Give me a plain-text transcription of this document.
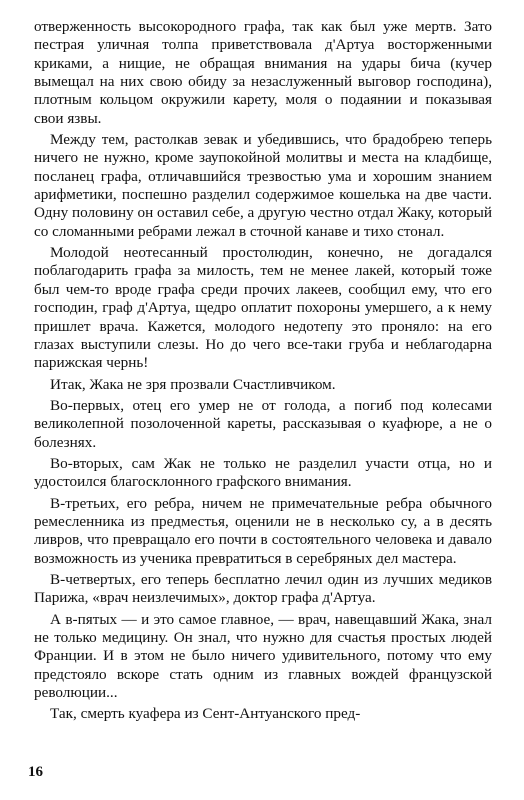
отверженность высокородного графа, так как был уже мертв. Зато пестрая уличная толпа приветствовала д'Артуа восторженными криками, а нищие, не обращая внимания на удары бича (кучер вымещал на них свою обиду за незаслуженный выговор господина), плотным кольцом окружили карету, моля о подаянии и показывая свои язвы.

Между тем, растолкав зевак и убедившись, что брадобрею теперь ничего не нужно, кроме заупокойной молитвы и места на кладбище, посланец графа, отличавшийся трезвостью ума и хорошим знанием арифметики, поспешно разделил содержимое кошелька на две части. Одну половину он оставил себе, а другую честно отдал Жаку, который со сломанными ребрами лежал в сточной канаве и тихо стонал.

Молодой неотесанный простолюдин, конечно, не догадался поблагодарить графа за милость, тем не менее лакей, который тоже был чем-то вроде графа среди прочих лакеев, сообщил ему, что его господин, граф д'Артуа, щедро оплатит похороны умершего, а к нему пришлет врача. Кажется, молодого недотепу это проняло: на его глазах выступили слезы. Но до чего все-таки груба и неблагодарна парижская чернь!

Итак, Жака не зря прозвали Счастливчиком.

Во-первых, отец его умер не от голода, а погиб под колесами великолепной позолоченной кареты, рассказывая о куафюре, а не о болезнях.

Во-вторых, сам Жак не только не разделил участи отца, но и удостоился благосклонного графского внимания.

В-третьих, его ребра, ничем не примечательные ребра обычного ремесленника из предместья, оценили не в несколько су, а в десять ливров, что превращало его почти в состоятельного человека и давало возможность из ученика превратиться в серебряных дел мастера.

В-четвертых, его теперь бесплатно лечил один из лучших медиков Парижа, «врач неизлечимых», доктор графа д'Артуа.

А в-пятых — и это самое главное, — врач, навещавший Жака, знал не только медицину. Он знал, что нужно для счастья простых людей Франции. И в этом не было ничего удивительного, потому что ему предстояло вскоре стать одним из главных вождей французской революции...

Так, смерть куафера из Сент-Антуанского пред-

16
